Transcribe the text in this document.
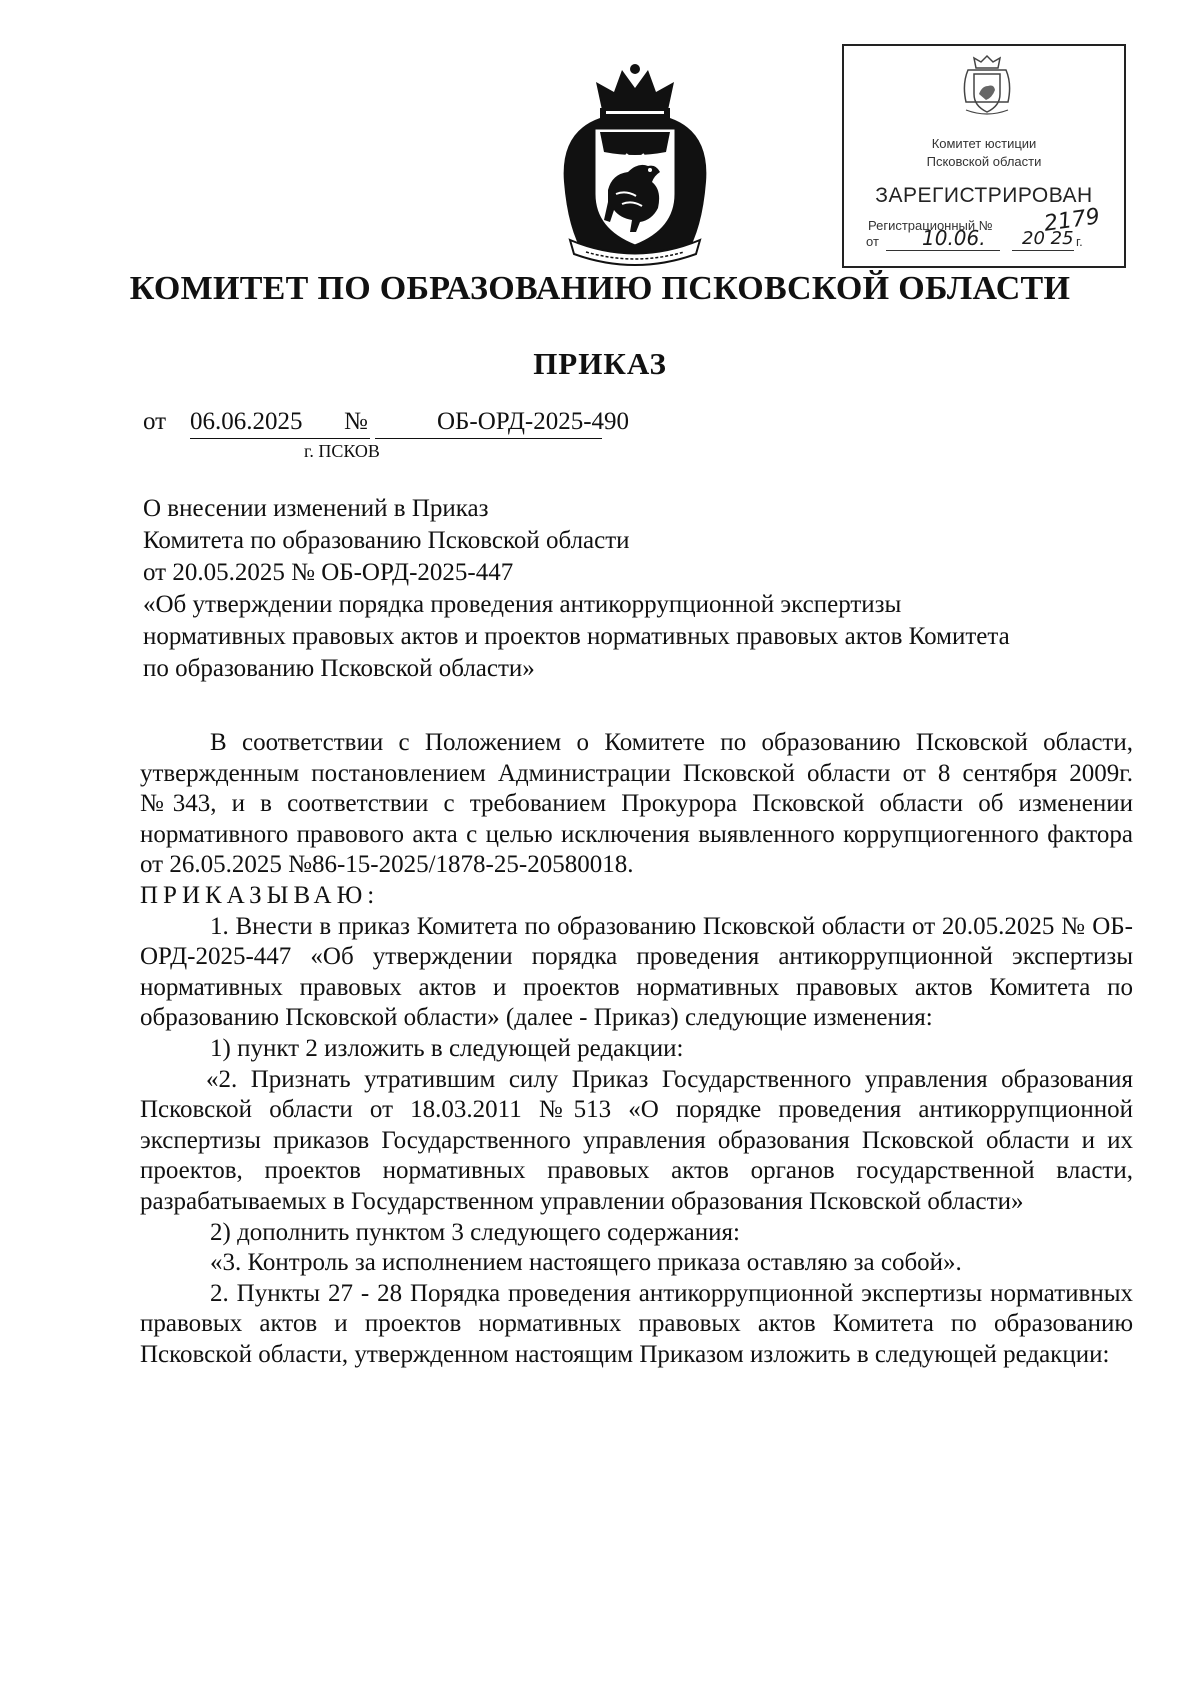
Комитет юстиции
Псковской области
ЗАРЕГИСТРИРОВАН
Регистрационный № 2179
от 10.06. 20 25 г.
КОМИТЕТ ПО ОБРАЗОВАНИЮ ПСКОВСКОЙ ОБЛАСТИ
ПРИКАЗ
от 06.06.2025 №	ОБ-ОРД-2025-490
г. ПСКОВ
О внесении изменений в Приказ
Комитета по образованию Псковской области
от 20.05.2025 № ОБ-ОРД-2025-447
«Об утверждении порядка проведения антикоррупционной экспертизы
нормативных правовых актов и проектов нормативных правовых актов Комитета
по образованию Псковской области»
В соответствии с Положением о Комитете по образованию Псковской области, утвержденным постановлением Администрации Псковской области от 8 сентября 2009г. №343, и в соответствии с требованием Прокурора Псковской области об изменении нормативного правового акта с целью исключения выявленного коррупциогенного фактора от 26.05.2025 №86-15-2025/1878-25-20580018.
ПРИКАЗЫВАЮ:
1. Внести в приказ Комитета по образованию Псковской области от 20.05.2025 № ОБ-ОРД-2025-447 «Об утверждении порядка проведения антикоррупционной экспертизы нормативных правовых актов и проектов нормативных правовых актов Комитета по образованию Псковской области» (далее - Приказ) следующие изменения:
1) пункт 2 изложить в следующей редакции:
«2. Признать утратившим силу Приказ Государственного управления образования Псковской области от 18.03.2011 №513 «О порядке проведения антикоррупционной экспертизы приказов Государственного управления образования Псковской области и их проектов, проектов нормативных правовых актов органов государственной власти, разрабатываемых в Государственном управлении образования Псковской области»
2) дополнить пунктом 3 следующего содержания:
«3. Контроль за исполнением настоящего приказа оставляю за собой».
2. Пункты 27 - 28 Порядка проведения антикоррупционной экспертизы нормативных правовых актов и проектов нормативных правовых актов Комитета по образованию Псковской области, утвержденном настоящим Приказом изложить в следующей редакции:
